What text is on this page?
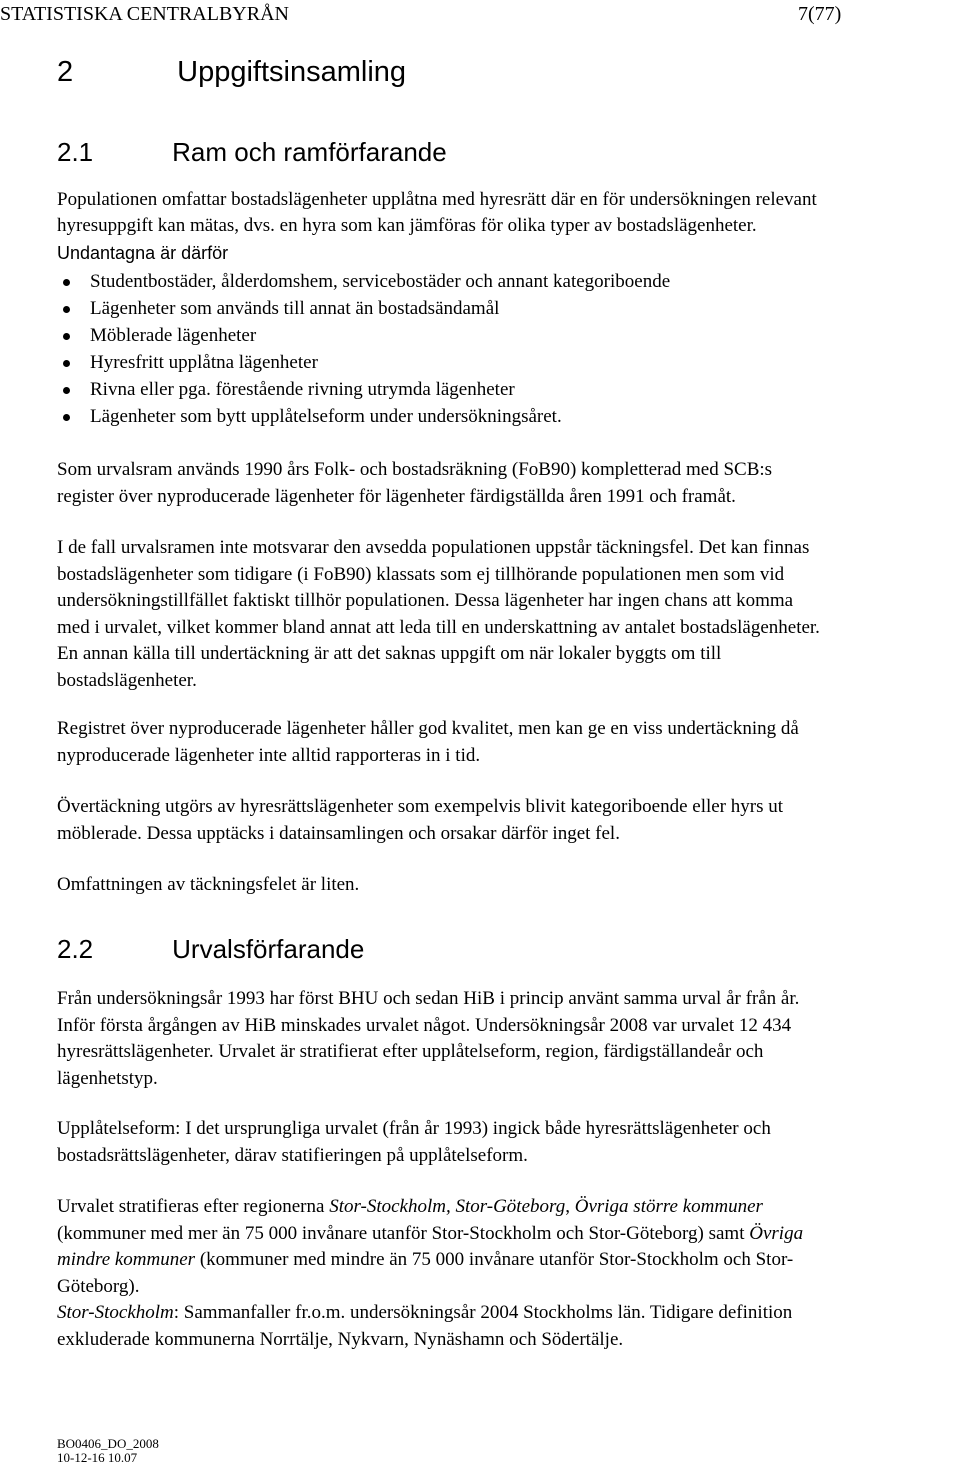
STATISTISKA CENTRALBYRÅN	7(77)
2	Uppgiftsinsamling
2.1	Ram och ramförfarande
Populationen omfattar bostadslägenheter upplåtna med hyresrätt där en för undersökningen relevant
hyresuppgift kan mätas, dvs. en hyra som kan jämföras för olika typer av bostadslägenheter.
Undantagna är därför
Studentbostäder, ålderdomshem, servicebostäder och annant kategoriboende
Lägenheter som används till annat än bostadsändamål
Möblerade lägenheter
Hyresfritt upplåtna lägenheter
Rivna eller pga. förestående rivning utrymda lägenheter
Lägenheter som bytt upplåtelseform under undersökningsåret.
Som urvalsram används 1990 års Folk- och bostadsräkning (FoB90) kompletterad med SCB:s
register över nyproducerade lägenheter för lägenheter färdigställda åren 1991 och framåt.
I de fall urvalsramen inte motsvarar den avsedda populationen uppstår täckningsfel. Det kan finnas
bostadslägenheter som tidigare (i FoB90) klassats som ej tillhörande populationen men som vid
undersökningstillfället faktiskt tillhör populationen. Dessa lägenheter har ingen chans att komma
med i urvalet, vilket kommer bland annat att leda till en underskattning av antalet bostadslägenheter.
En annan källa till undertäckning är att det saknas uppgift om när lokaler byggts om till
bostadslägenheter.
Registret över nyproducerade lägenheter håller god kvalitet, men kan ge en viss undertäckning då
nyproducerade lägenheter inte alltid rapporteras in i tid.
Övertäckning utgörs av hyresrättslägenheter som exempelvis blivit kategoriboende eller hyrs ut
möblerade. Dessa upptäcks i datainsamlingen och orsakar därför inget fel.
Omfattningen av täckningsfelet är liten.
2.2	Urvalsförfarande
Från undersökningsår 1993 har först BHU och sedan HiB i princip använt samma urval år från år.
Inför första årgången av HiB minskades urvalet något. Undersökningsår 2008 var urvalet 12 434
hyresrättslägenheter. Urvalet är stratifierat efter upplåtelseform, region, färdigställandeår och
lägenhetstyp.
Upplåtelseform: I det ursprungliga urvalet (från år 1993) ingick både hyresrättslägenheter och
bostadsrättslägenheter, därav statifieringen på upplåtelseform.
Urvalet stratifieras efter regionerna Stor-Stockholm, Stor-Göteborg, Övriga större kommuner
(kommuner med mer än 75 000 invånare utanför Stor-Stockholm och Stor-Göteborg) samt Övriga
mindre kommuner (kommuner med mindre än 75 000 invånare utanför Stor-Stockholm och Stor-
Göteborg).
Stor-Stockholm: Sammanfaller fr.o.m. undersökningsår 2004 Stockholms län. Tidigare definition
exkluderade kommunerna Norrtälje, Nykvarn, Nynäshamn och Södertälje.
BO0406_DO_2008
10-12-16 10.07
